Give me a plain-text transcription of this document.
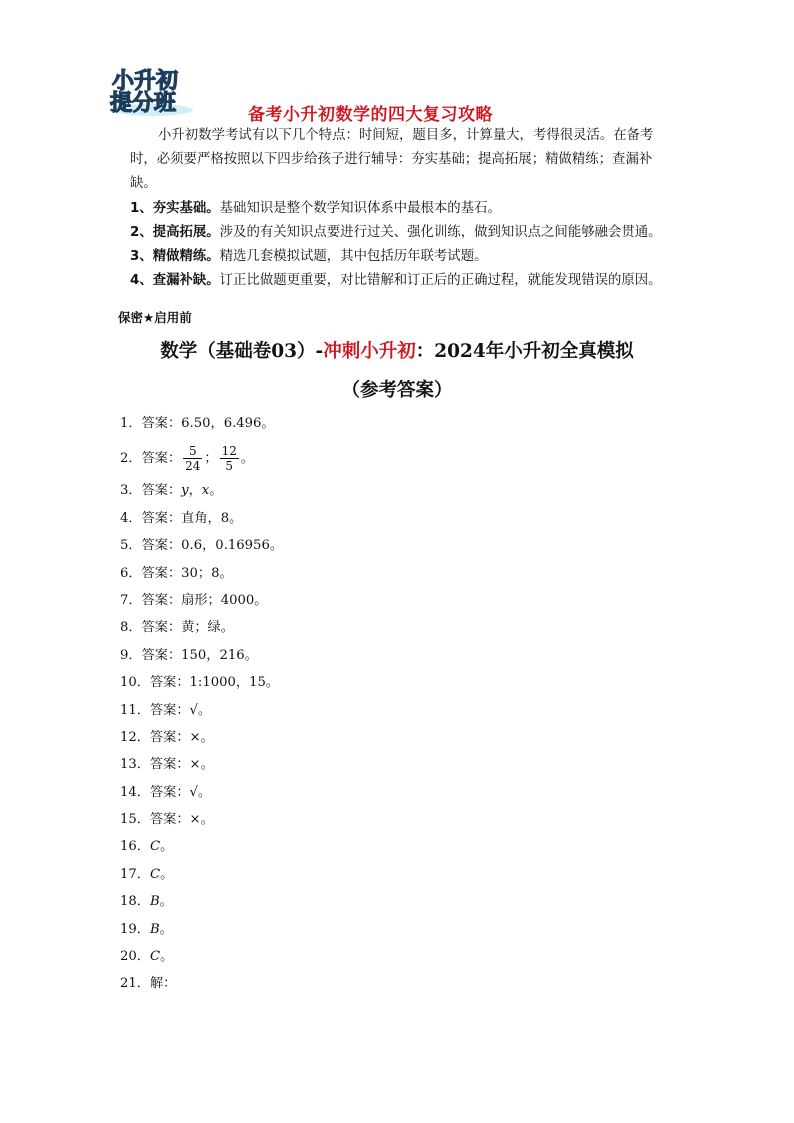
小升初
提分班	备考小升初数学的四大复习攻略
小升初数学考试有以下几个特点：时间短，题目多，计算量大，考得很灵活。在备考时，必须要严格按照以下四步给孩子进行辅导：夯实基础；提高拓展；精做精练；查漏补缺。
1、夯实基础。基础知识是整个数学知识体系中最根本的基石。
2、提高拓展。涉及的有关知识点要进行过关、强化训练，做到知识点之间能够融会贯通。
3、精做精练。精选几套模拟试题，其中包括历年联考试题。
4、查漏补缺。订正比做题更重要，对比错解和订正后的正确过程，就能发现错误的原因。
保密★启用前
数学（基础卷03）-冲刺小升初：2024年小升初全真模拟
（参考答案）
1．答案：6.50，6.496。
2．答案： $\frac{5}{24}$ ； $\frac{12}{5}$ 。
3．答案：y，x。
4．答案：直角，8。
5．答案：0.6，0.16956。
6．答案：30；8。
7．答案：扇形；4000。
8．答案：黄；绿。
9．答案：150，216。
10．答案：1:1000，15。
11．答案：√。
12．答案：×。
13．答案：×。
14．答案：√。
15．答案：×。
16．C。
17．C。
18．B。
19．B。
20．C。
21．解：
